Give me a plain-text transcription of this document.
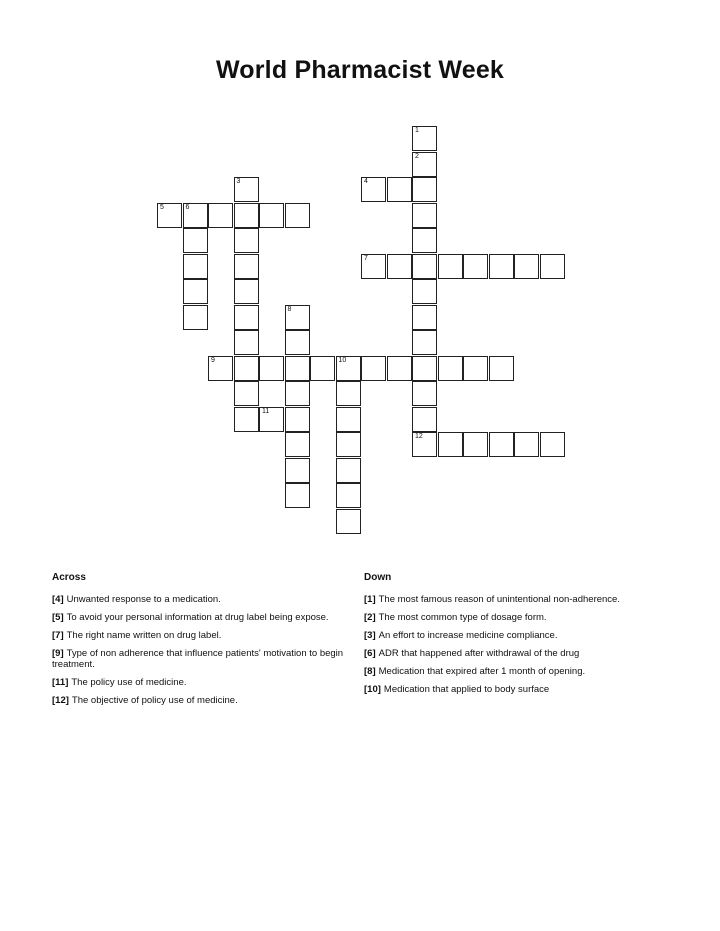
World Pharmacist Week
5	6
3	4
2
7
1
12
8
9	10
11
Across
[4] Unwanted response to a medication.
[5] To avoid your personal information at drug label being expose.
[7] The right name written on drug label.
[9] Type of non adherence that influence patients' motivation to begin treatment.
[11] The policy use of medicine.
[12] The objective of policy use of medicine.
Down
[1] The most famous reason of unintentional non-adherence.
[2] The most common type of dosage form.
[3] An effort to increase medicine compliance.
[6] ADR that happened after withdrawal of the drug
[8] Medication that expired after 1 month of opening.
[10] Medication that applied to body surface
